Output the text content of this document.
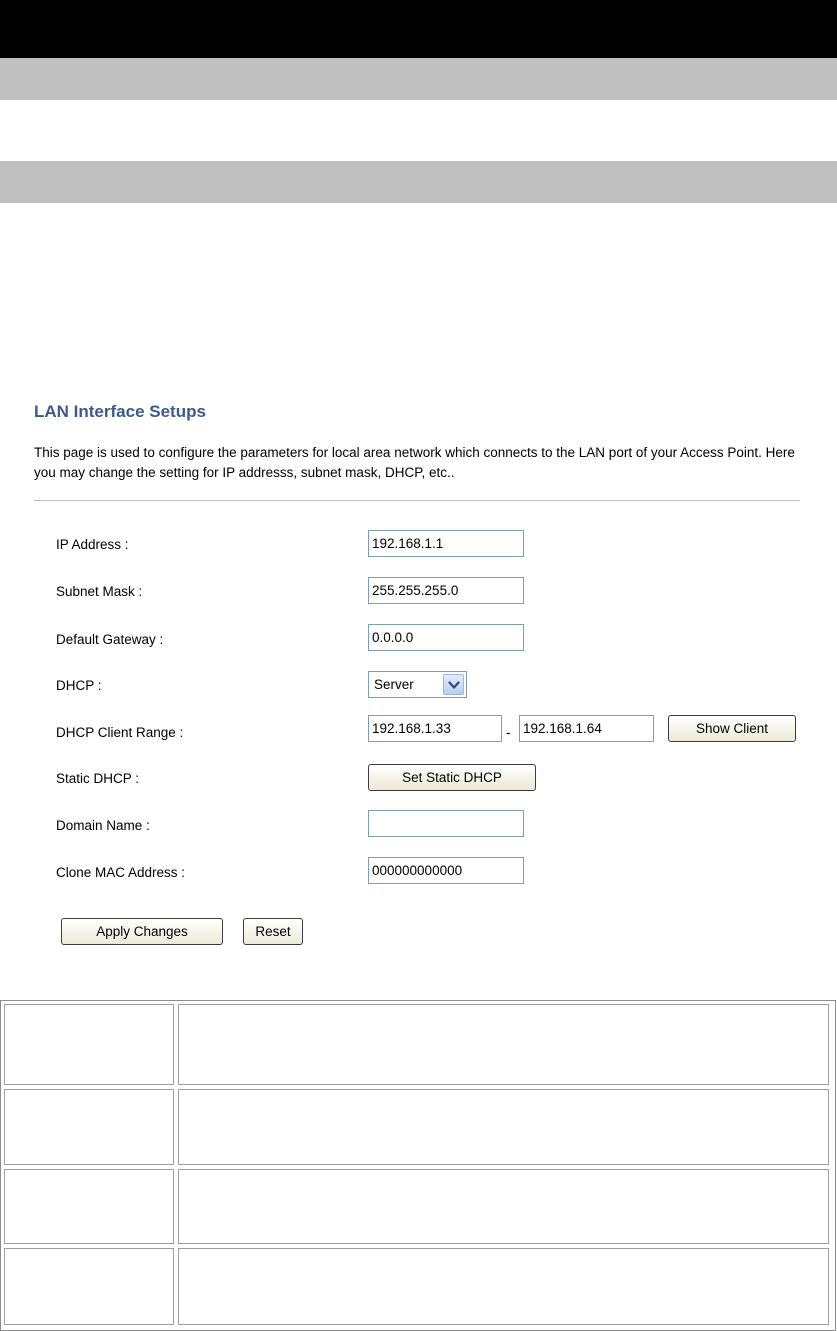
LAN Interface Setups

This page is used to configure the parameters for local area network which connects to the LAN port of your Access Point. Here you may change the setting for IP addresss, subnet mask, DHCP, etc..

IP Address :
192.168.1.1
Subnet Mask :
255.255.255.0
Default Gateway :
0.0.0.0
DHCP :	Server
DHCP Client Range :
192.168.1.33	-
192.168.1.64	Show Client
Static DHCP :	Set Static DHCP
Domain Name :
Clone MAC Address :
000000000000
Apply Changes	Reset
